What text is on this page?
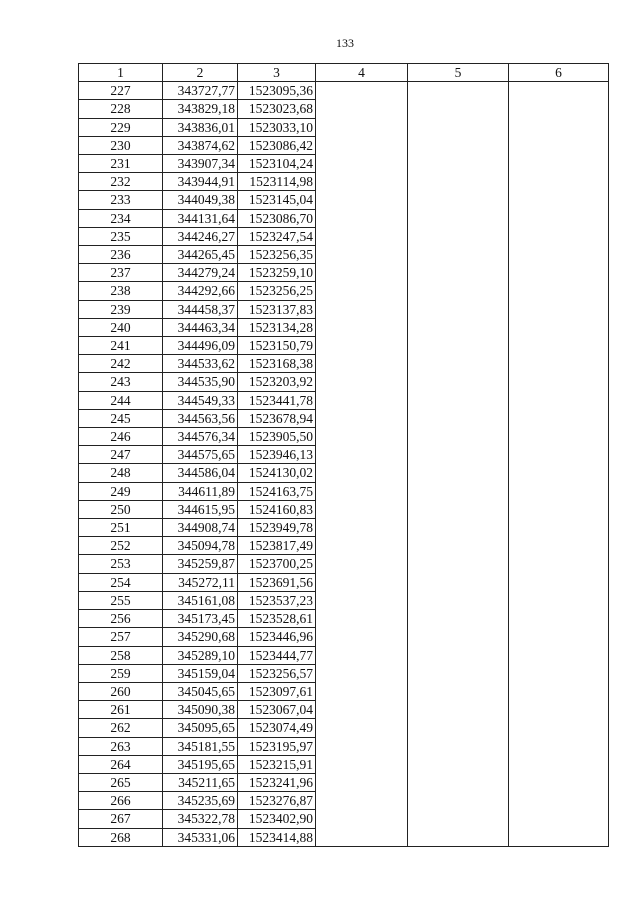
133
1	2	3	4	5	6
227	343727,77	1523095,36			
228	343829,18	1523023,68			
229	343836,01	1523033,10			
230	343874,62	1523086,42			
231	343907,34	1523104,24			
232	343944,91	1523114,98			
233	344049,38	1523145,04			
234	344131,64	1523086,70			
235	344246,27	1523247,54			
236	344265,45	1523256,35			
237	344279,24	1523259,10			
238	344292,66	1523256,25			
239	344458,37	1523137,83			
240	344463,34	1523134,28			
241	344496,09	1523150,79			
242	344533,62	1523168,38			
243	344535,90	1523203,92			
244	344549,33	1523441,78			
245	344563,56	1523678,94			
246	344576,34	1523905,50			
247	344575,65	1523946,13			
248	344586,04	1524130,02			
249	344611,89	1524163,75			
250	344615,95	1524160,83			
251	344908,74	1523949,78			
252	345094,78	1523817,49			
253	345259,87	1523700,25			
254	345272,11	1523691,56			
255	345161,08	1523537,23			
256	345173,45	1523528,61			
257	345290,68	1523446,96			
258	345289,10	1523444,77			
259	345159,04	1523256,57			
260	345045,65	1523097,61			
261	345090,38	1523067,04			
262	345095,65	1523074,49			
263	345181,55	1523195,97			
264	345195,65	1523215,91			
265	345211,65	1523241,96			
266	345235,69	1523276,87			
267	345322,78	1523402,90			
268	345331,06	1523414,88			
